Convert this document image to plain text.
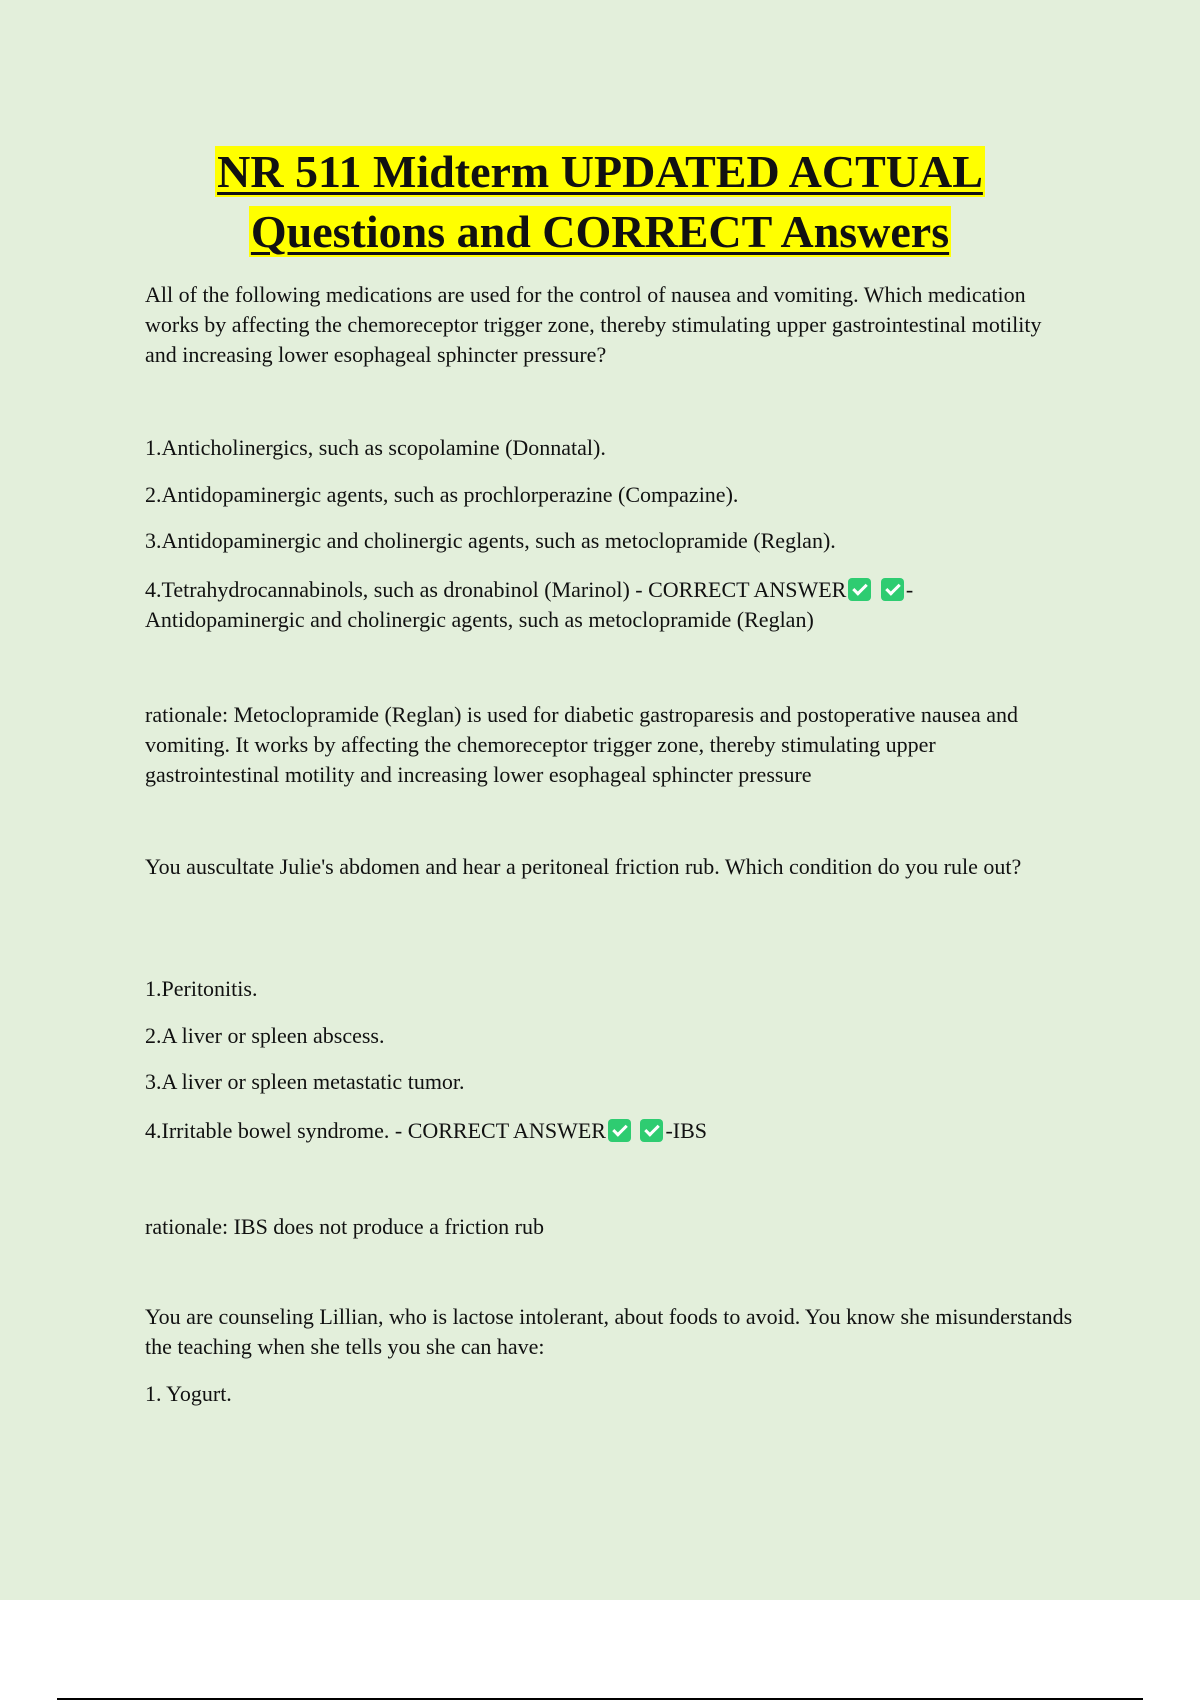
NR 511 Midterm UPDATED ACTUAL
Questions and CORRECT Answers

All of the following medications are used for the control of nausea and vomiting. Which medication works by affecting the chemoreceptor trigger zone, thereby stimulating upper gastrointestinal motility and increasing lower esophageal sphincter pressure?

1.Anticholinergics, such as scopolamine (Donnatal).

2.Antidopaminergic agents, such as prochlorperazine (Compazine).

3.Antidopaminergic and cholinergic agents, such as metoclopramide (Reglan).

4.Tetrahydrocannabinols, such as dronabinol (Marinol) - CORRECT ANSWER	-
Antidopaminergic and cholinergic agents, such as metoclopramide (Reglan)

rationale: Metoclopramide (Reglan) is used for diabetic gastroparesis and postoperative nausea and vomiting. It works by affecting the chemoreceptor trigger zone, thereby stimulating upper gastrointestinal motility and increasing lower esophageal sphincter pressure

You auscultate Julie's abdomen and hear a peritoneal friction rub. Which condition do you rule out?

1.Peritonitis.

2.A liver or spleen abscess.

3.A liver or spleen metastatic tumor.

4.Irritable bowel syndrome. - CORRECT ANSWER	-IBS

rationale: IBS does not produce a friction rub

You are counseling Lillian, who is lactose intolerant, about foods to avoid. You know she misunderstands the teaching when she tells you she can have:

1. Yogurt.
